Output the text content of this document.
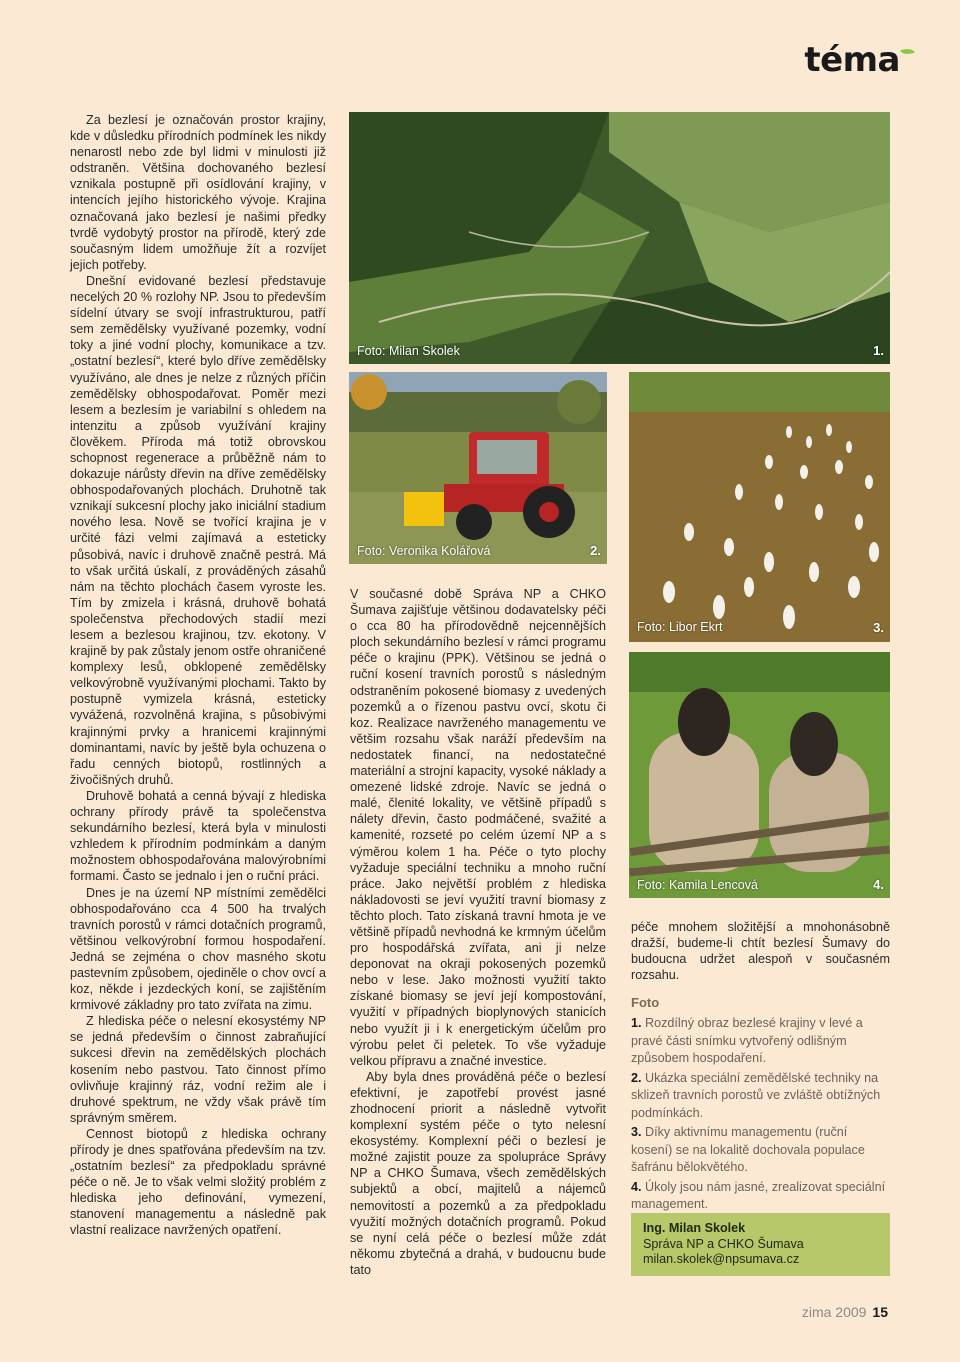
téma

Za bezlesí je označován prostor krajiny, kde v důsledku přírodních podmínek les nikdy nenarostl nebo zde byl lidmi v minulosti již odstraněn. Většina dochovaného bezlesí vznikala postupně při osídlování krajiny, v intencích jejího historického vývoje. Krajina označovaná jako bezlesí je našimi předky tvrdě vydobytý prostor na přírodě, který zde současným lidem umožňuje žít a rozvíjet jejich potřeby.

Dnešní evidované bezlesí představuje necelých 20 % rozlohy NP. Jsou to především sídelní útvary se svojí infrastrukturou, patří sem zemědělsky využívané pozemky, vodní toky a jiné vodní plochy, komunikace a tzv. „ostatní bezlesí“, které bylo dříve zemědělsky využíváno, ale dnes je nelze z různých příčin zemědělsky obhospodařovat. Poměr mezi lesem a bezlesím je variabilní s ohledem na intenzitu a způsob využívání krajiny člověkem. Příroda má totiž obrovskou schopnost regenerace a průběžně nám to dokazuje nárůsty dřevin na dříve zemědělsky obhospodařovaných plochách. Druhotně tak vznikají sukcesní plochy jako iniciální stadium nového lesa. Nově se tvořící krajina je v určité fázi velmi zajímavá a esteticky působivá, navíc i druhově značně pestrá. Má to však určitá úskalí, z prováděných zásahů nám na těchto plochách časem vyroste les. Tím by zmizela i krásná, druhově bohatá společenstva přechodových stadií mezi lesem a bezlesou krajinou, tzv. ekotony. V krajině by pak zůstaly jenom ostře ohraničené komplexy lesů, obklopené zemědělsky velkovýrobně využívanými plochami. Takto by postupně vymizela krásná, esteticky vyvážená, rozvolněná krajina, s působivými krajinnými prvky a hranicemi krajinnými dominantami, navíc by ještě byla ochuzena o řadu cenných biotopů, rostlinných a živočišných druhů.

Druhově bohatá a cenná bývají z hlediska ochrany přírody právě ta společenstva sekundárního bezlesí, která byla v minulosti vzhledem k přírodním podmínkám a daným možnostem obhospodařována malovýrobními formami. Často se jednalo i jen o ruční práci.

Dnes je na území NP místními zemědělci obhospodařováno cca 4 500 ha trvalých travních porostů v rámci dotačních programů, většinou velkovýrobní formou hospodaření. Jedná se zejména o chov masného skotu pastevním způsobem, ojediněle o chov ovcí a koz, někde i jezdeckých koní, se zajištěním krmivové základny pro tato zvířata na zimu.

Z hlediska péče o nelesní ekosystémy NP se jedná především o činnost zabraňující sukcesi dřevin na zemědělských plochách kosením nebo pastvou. Tato činnost přímo ovlivňuje krajinný ráz, vodní režim ale i druhové spektrum, ne vždy však právě tím správným směrem.

Cennost biotopů z hlediska ochrany přírody je dnes spatřována především na tzv. „ostatním bezlesí“ za předpokladu správné péče o ně. Je to však velmi složitý problém z hlediska jeho definování, vymezení, stanovení managementu a následně pak vlastní realizace navržených opatření.

Foto: Milan Skolek	1.
Foto: Veronika Kolářová	2.
Foto: Libor Ekrt	3.
Foto: Kamila Lencová	4.

V současné době Správa NP a CHKO Šumava zajišťuje většinou dodavatelsky péči o cca 80 ha přírodovědně nejcennějších ploch sekundárního bezlesí v rámci programu péče o krajinu (PPK). Většinou se jedná o ruční kosení travních porostů s následným odstraněním pokosené biomasy z uvedených pozemků a o řízenou pastvu ovcí, skotu či koz. Realizace navrženého managementu ve většim rozsahu však naráží především na nedostatek financí, na nedostatečné materiální a strojní kapacity, vysoké náklady a omezené lidské zdroje. Navíc se jedná o malé, členité lokality, ve většině případů s nálety dřevin, často podmáčené, svažité a kamenité, rozseté po celém území NP a s výměrou kolem 1 ha. Péče o tyto plochy vyžaduje speciální techniku a mnoho ruční práce. Jako největší problém z hlediska nákladovosti se jeví využití travní biomasy z těchto ploch. Tato získaná travní hmota je ve většině případů nevhodná ke krmným účelům pro hospodářská zvířata, ani ji nelze deponovat na okraji pokosených pozemků nebo v lese. Jako možnosti využití takto získané biomasy se jeví její kompostování, využití v případných bioplynových stanicích nebo využít ji i k energetickým účelům pro výrobu pelet či peletek. To vše vyžaduje velkou přípravu a značné investice.

Aby byla dnes prováděná péče o bezlesí efektivní, je zapotřebí provést jasné zhodnocení priorit a následně vytvořit komplexní systém péče o tyto nelesní ekosystémy. Komplexní péči o bezlesí je možné zajistit pouze za spolupráce Správy NP a CHKO Šumava, všech zemědělských subjektů a obcí, majitelů a nájemců nemovitostí a pozemků a za předpokladu využití možných dotačních programů. Pokud se nyní celá péče o bezlesí může zdát někomu zbytečná a drahá, v budoucnu bude tato

péče mnohem složitější a mnohonásobně dražší, budeme-li chtít bezlesí Šumavy do budoucna udržet alespoň v současném rozsahu.

Foto
1. Rozdílný obraz bezlesé krajiny v levé a pravé části snímku vytvořený odlišným způsobem hospodaření.
2. Ukázka speciální zemědělské techniky na sklizeň travních porostů ve zvláště obtížných podmínkách.
3. Díky aktivnímu managementu (ruční kosení) se na lokalitě dochovala populace šafránu bělokvětého.
4. Úkoly jsou nám jasné, zrealizovat speciální management.
Ing. Milan Skolek
Správa NP a CHKO Šumava
milan.skolek@npsumava.cz
zima 2009 15
